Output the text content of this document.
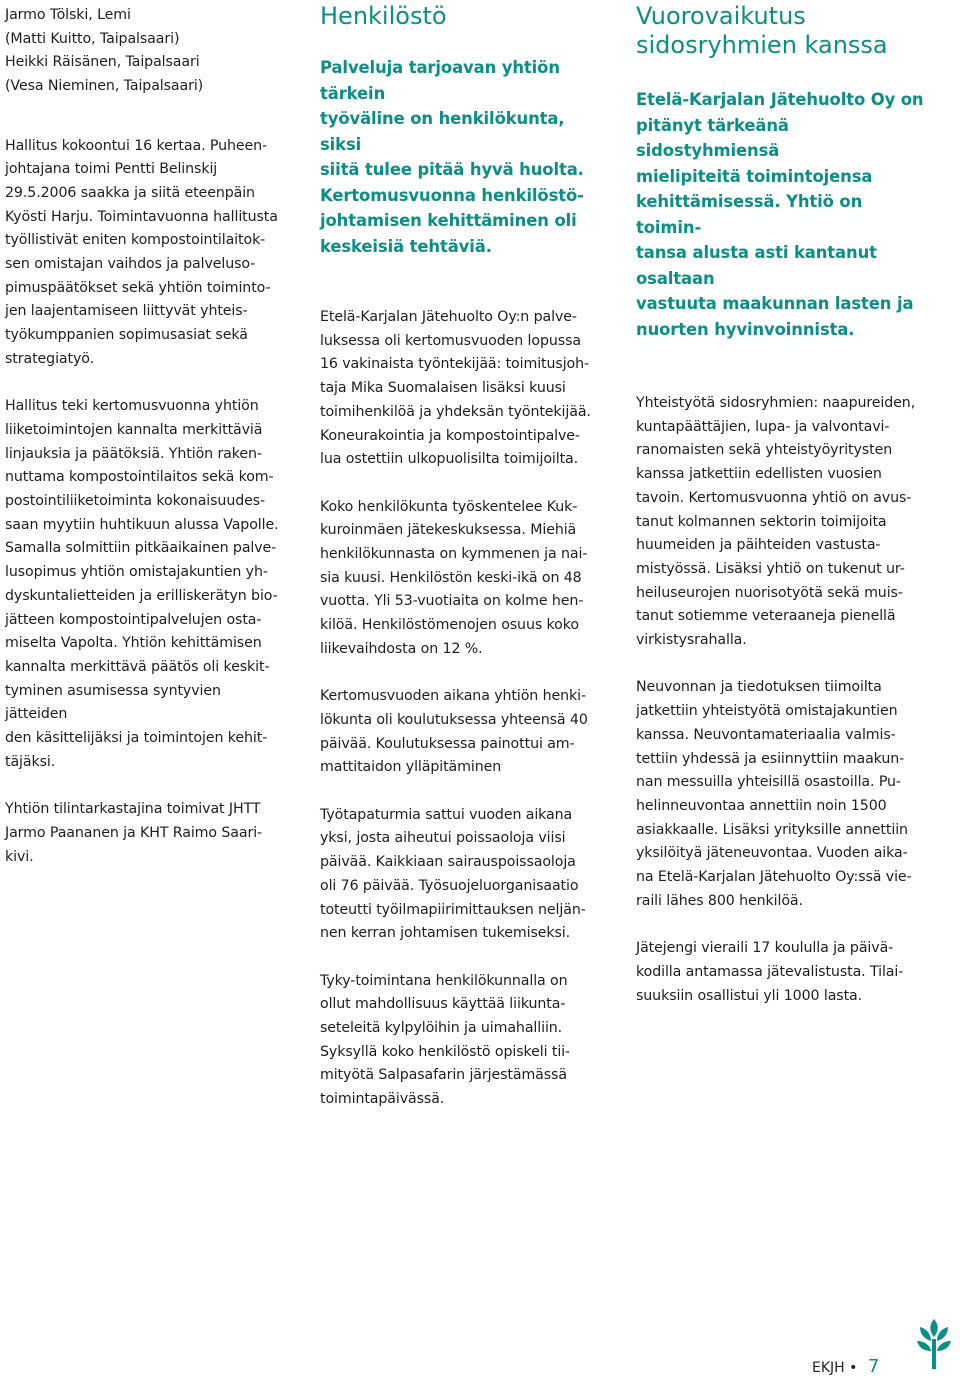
Jarmo Tölski, Lemi

(Matti Kuitto, Taipalsaari)

Heikki Räisänen, Taipalsaari

(Vesa Nieminen, Taipalsaari)

Hallitus kokoontui 16 kertaa. Puheen-

johtajana toimi Pentti Belinskij

29.5.2006 saakka ja siitä eteenpäin

Kyösti Harju. Toimintavuonna hallitusta

työllistivät eniten kompostointilaitok-

sen omistajan vaihdos ja palveluso-

pimuspäätökset sekä yhtiön toiminto-

jen laajentamiseen liittyvät yhteis-

työkumppanien sopimusasiat sekä

strategiatyö.

Hallitus teki kertomusvuonna yhtiön

liiketoimintojen kannalta merkittäviä

linjauksia ja päätöksiä. Yhtiön raken-

nuttama kompostointilaitos sekä kom-

postointiliiketoiminta kokonaisuudes-

saan myytiin huhtikuun alussa Vapolle.

Samalla solmittiin pitkäaikainen palve-

lusopimus yhtiön omistajakuntien yh-

dyskuntalietteiden ja erilliskerätyn bio-

jätteen kompostointipalvelujen osta-

miselta Vapolta. Yhtiön kehittämisen

kannalta merkittävä päätös oli keskit-

tyminen asumisessa syntyvien jätteiden

den käsittelijäksi ja toimintojen kehit-

täjäksi.

Yhtiön tilintarkastajina toimivat JHTT

Jarmo Paananen ja KHT Raimo Saari-

kivi.

Henkilöstö

Palveluja tarjoavan yhtiön tärkein

työväline on henkilökunta, siksi

siitä tulee pitää hyvä huolta.

Kertomusvuonna henkilöstö-

johtamisen kehittäminen oli

keskeisiä tehtäviä.

Etelä-Karjalan Jätehuolto Oy:n palve-

luksessa oli kertomusvuoden lopussa

16 vakinaista työntekijää: toimitusjoh-

taja Mika Suomalaisen lisäksi kuusi

toimihenkilöä ja yhdeksän työntekijää.

Koneurakointia ja kompostointipalve-

lua ostettiin ulkopuolisilta toimijoilta.

Koko henkilökunta työskentelee Kuk-

kuroinmäen jätekeskuksessa. Miehiä

henkilökunnasta on kymmenen ja nai-

sia kuusi. Henkilöstön keski-ikä on 48

vuotta. Yli 53-vuotiaita on kolme hen-

kilöä. Henkilöstömenojen osuus koko

liikevaihdosta on 12 %.

Kertomusvuoden aikana yhtiön henki-

lökunta oli koulutuksessa yhteensä 40

päivää. Koulutuksessa painottui am-

mattitaidon ylläpitäminen

Työtapaturmia sattui vuoden aikana

yksi, josta aiheutui poissaoloja viisi

päivää. Kaikkiaan sairauspoissaoloja

oli 76 päivää. Työsuojeluorganisaatio

toteutti työilmapiirimittauksen neljän-

nen kerran johtamisen tukemiseksi.

Tyky-toimintana henkilökunnalla on

ollut mahdollisuus käyttää liikunta-

seteleitä kylpylöihin ja uimahalliin.

Syksyllä koko henkilöstö opiskeli tii-

mityötä Salpasafarin järjestämässä

toimintapäivässä.

Vuorovaikutus
sidosryhmien kanssa

Etelä-Karjalan Jätehuolto Oy on

pitänyt tärkeänä sidostyhmiensä

mielipiteitä toimintojensa

kehittämisessä. Yhtiö on toimin-

tansa alusta asti kantanut osaltaan

vastuuta maakunnan lasten ja

nuorten hyvinvoinnista.

Yhteistyötä sidosryhmien: naapureiden,

kuntapäättäjien, lupa- ja valvontavi-

ranomaisten sekä yhteistyöyritysten

kanssa jatkettiin edellisten vuosien

tavoin. Kertomusvuonna yhtiö on avus-

tanut kolmannen sektorin toimijoita

huumeiden ja päihteiden vastusta-

mistyössä. Lisäksi yhtiö on tukenut ur-

heiluseurojen nuorisotyötä sekä muis-

tanut sotiemme veteraaneja pienellä

virkistysrahalla.

Neuvonnan ja tiedotuksen tiimoilta

jatkettiin yhteistyötä omistajakuntien

kanssa. Neuvontamateriaalia valmis-

tettiin yhdessä ja esiinnyttiin maakun-

nan messuilla yhteisillä osastoilla. Pu-

helinneuvontaa annettiin noin 1500

asiakkaalle. Lisäksi yrityksille annettiin

yksilöityä jäteneuvontaa. Vuoden aika-

na Etelä-Karjalan Jätehuolto Oy:ssä vie-

raili lähes 800 henkilöä.

Jätejengi vieraili 17 koululla ja päivä-

kodilla antamassa jätevalistusta. Tilai-

suuksiin osallistui yli 1000 lasta.

EKJH • 7
